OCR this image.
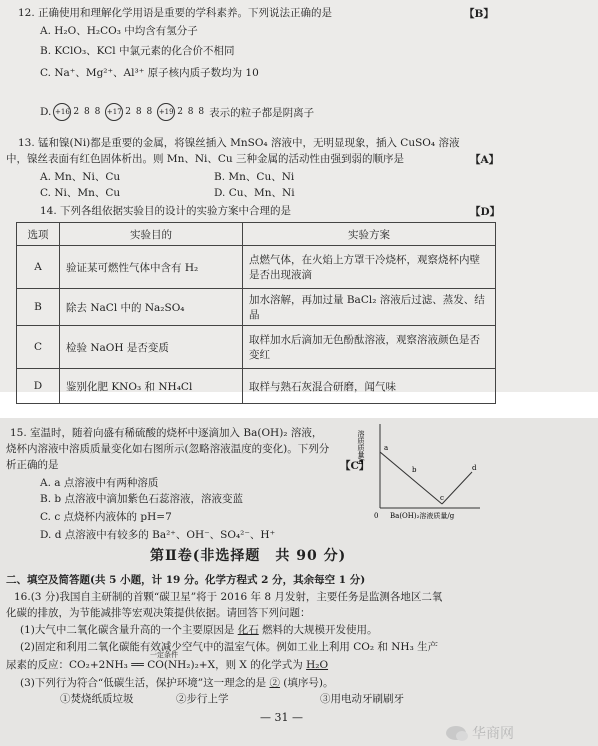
12. 正确使用和理解化学用语是重要的学科素养。下列说法正确的是	【B】
A. H₂O、H₂CO₃ 中均含有氢分子
B. KClO₃、KCl 中氯元素的化合价不相同
C. Na⁺、Mg²⁺、Al³⁺ 原子核内质子数均为 10
D. +16 2 8 8 +17 2 8 8 +19 2 8 8 表示的粒子都是阴离子
13. 锰和镍(Ni)都是重要的金属，将镍丝插入 MnSO₄ 溶液中，无明显现象，插入 CuSO₄ 溶液
中，镍丝表面有红色固体析出。则 Mn、Ni、Cu 三种金属的活动性由强到弱的顺序是	【A】
A. Mn、Ni、Cu	B. Mn、Cu、Ni
C. Ni、Mn、Cu	D. Cu、Mn、Ni
14. 下列各组依据实验目的设计的实验方案中合理的是	【D】
选项	实验目的	实验方案
A	验证某可燃性气体中含有 H₂	点燃气体，在火焰上方罩干冷烧杯，观察烧杯内壁是否出现液滴
B	除去 NaCl 中的 Na₂SO₄	加水溶解，再加过量 BaCl₂ 溶液后过滤、蒸发、结晶
C	检验 NaOH 是否变质	取样加水后滴加无色酚酞溶液，观察溶液颜色是否变红
D	鉴别化肥 KNO₃ 和 NH₄Cl	取样与熟石灰混合研磨，闻气味
15. 室温时，随着向盛有稀硫酸的烧杯中逐滴加入 Ba(OH)₂ 溶液，
烧杯内溶液中溶质质量变化如右图所示(忽略溶液温度的变化)。下列分
析正确的是	【C】
A. a 点溶液中有两种溶质
B. b 点溶液中滴加紫色石蕊溶液，溶液变蓝
C. c 点烧杯内液体的 pH=7
D. d 点溶液中有较多的 Ba²⁺、OH⁻、SO₄²⁻、H⁺
溶质质量/g
0 Ba(OH)₂溶液质量/g
a
b
c
d
第Ⅱ卷(非选择题　共 90 分)
二、填空及简答题(共 5 小题，计 19 分。化学方程式 2 分，其余每空 1 分)
16.(3 分)我国自主研制的首颗“碳卫星”将于 2016 年 8 月发射，主要任务是监测各地区二氧
化碳的排放，为节能减排等宏观决策提供依据。请回答下列问题：
(1)大气中二氧化碳含量升高的一个主要原因是 化石 燃料的大规模开发使用。
(2)固定和利用二氧化碳能有效减少空气中的温室气体。例如工业上利用 CO₂ 和 NH₃ 生产
尿素的反应：CO₂+2NH₃ ══ CO(NH₂)₂+X，则 X 的化学式为 H₂O
一定条件
(3)下列行为符合“低碳生活，保护环境”这一理念的是 ② (填序号)。
①焚烧纸质垃圾	②步行上学	③用电动牙刷刷牙
— 31 —
华商网
